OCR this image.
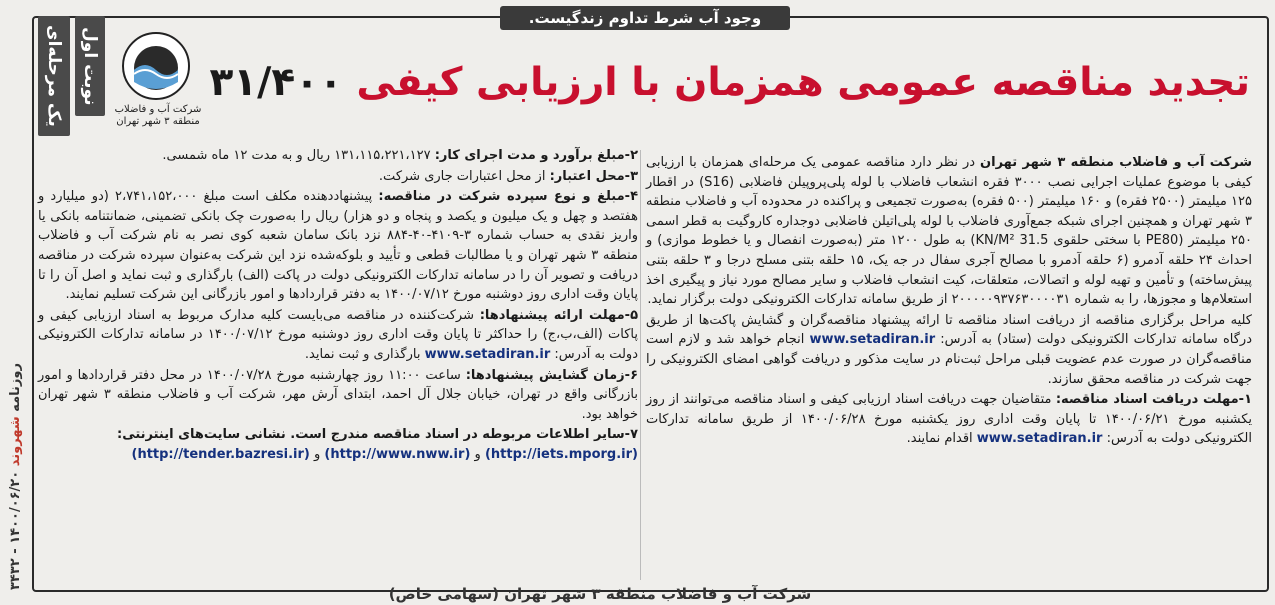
وجود آب شرط تداوم زندگیست.
نوبت اول
یک مرحله‌ای	شرکت آب و فاضلاب منطقه ۳ شهر تهران
روزنامه شهروند ۱۴۰۰/۰۶/۲۰ - ۳۴۳۲
تجدید مناقصه عمومی همزمان با ارزیابی کیفی ۳۱/۴۰۰

شرکت آب و فاضلاب منطقه ۳ شهر تهران در نظر دارد مناقصه عمومی یک مرحله‌ای همزمان با ارزیابی کیفی با موضوع عملیات اجرایی نصب ۳۰۰۰ فقره انشعاب فاضلاب با لوله پلی‌پروپیلن فاضلابی (S16) در اقطار ۱۲۵ میلیمتر (۲۵۰۰ فقره) و ۱۶۰ میلیمتر (۵۰۰ فقره) به‌صورت تجمیعی و پراکنده در محدوده آب و فاضلاب منطقه ۳ شهر تهران و همچنین اجرای شبکه جمع‌آوری فاضلاب با لوله پلی‌اتیلن فاضلابی دوجداره کاروگیت به قطر اسمی ۲۵۰ میلیمتر (PE80 با سختی حلقوی 31.5 KN/M²) به طول ۱۲۰۰ متر (به‌صورت انفصال و یا خطوط موازی) و احداث ۲۴ حلقه آدمرو (۶ حلقه آدمرو با مصالح آجری سفال در جه یک، ۱۵ حلقه بتنی مسلح درجا و ۳ حلقه بتنی پیش‌ساخته) و تأمین و تهیه لوله و اتصالات، متعلقات، کیت انشعاب فاضلاب و سایر مصالح مورد نیاز و پیگیری اخذ استعلام‌ها و مجوزها، را به شماره ۲۰۰۰۰۰۹۳۷۶۳۰۰۰۰۳۱ از طریق سامانه تدارکات الکترونیکی دولت برگزار نماید.

کلیه مراحل برگزاری مناقصه از دریافت اسناد مناقصه تا ارائه پیشنهاد مناقصه‌گران و گشایش پاکت‌ها از طریق درگاه سامانه تدارکات الکترونیکی دولت (ستاد) به آدرس: www.setadiran.ir انجام خواهد شد و لازم است مناقصه‌گران در صورت عدم عضویت قبلی مراحل ثبت‌نام در سایت مذکور و دریافت گواهی امضای الکترونیکی را جهت شرکت در مناقصه محقق سازند.

۱-مهلت دریافت اسناد مناقصه: متقاضیان جهت دریافت اسناد ارزیابی کیفی و اسناد مناقصه می‌توانند از روز یکشنبه مورخ ۱۴۰۰/۰۶/۲۱ تا پایان وقت اداری روز یکشنبه مورخ ۱۴۰۰/۰۶/۲۸ از طریق سامانه تدارکات الکترونیکی دولت به آدرس: www.setadiran.ir اقدام نمایند.

۲-مبلغ برآورد و مدت اجرای کار: ۱۳۱،۱۱۵،۲۲۱،۱۲۷ ریال و به مدت ۱۲ ماه شمسی.

۳-محل اعتبار: از محل اعتبارات جاری شرکت.

۴-مبلغ و نوع سپرده شرکت در مناقصه: پیشنهاددهنده مکلف است مبلغ ۲،۷۴۱،۱۵۲،۰۰۰ (دو میلیارد و هفتصد و چهل و یک میلیون و یکصد و پنجاه و دو هزار) ریال را به‌صورت چک بانکی تضمینی، ضمانتنامه بانکی یا واریز نقدی به حساب شماره ۳-۴۱۰۹-۴۰-۸۸۴ نزد بانک سامان شعبه کوی نصر به نام شرکت آب و فاضلاب منطقه ۳ شهر تهران و یا مطالبات قطعی و تأیید و بلوکه‌شده نزد این شرکت به‌عنوان سپرده شرکت در مناقصه دریافت و تصویر آن را در سامانه تدارکات الکترونیکی دولت در پاکت (الف) بارگذاری و ثبت نماید و اصل آن را تا پایان وقت اداری روز دوشنبه مورخ ۱۴۰۰/۰۷/۱۲ به دفتر قراردادها و امور بازرگانی این شرکت تسلیم نمایند.

۵-مهلت ارائه پیشنهادها: شرکت‌کننده در مناقصه می‌بایست کلیه مدارک مربوط به اسناد ارزیابی کیفی و پاکات (الف‌،ب‌،ج) را حداکثر تا پایان وقت اداری روز دوشنبه مورخ ۱۴۰۰/۰۷/۱۲ در سامانه تدارکات الکترونیکی دولت به آدرس: www.setadiran.ir بارگذاری و ثبت نماید.

۶-زمان گشایش پیشنهادها: ساعت ۱۱:۰۰ روز چهارشنبه مورخ ۱۴۰۰/۰۷/۲۸ در محل دفتر قراردادها و امور بازرگانی واقع در تهران، خیابان جلال آل احمد، ابتدای آرش مهر، شرکت آب و فاضلاب منطقه ۳ شهر تهران خواهد بود.

۷-سایر اطلاعات مربوطه در اسناد مناقصه مندرج است. نشانی سایت‌های اینترنتی:
(http://iets.mporg.ir) و (http://www.nww.ir) و (http://tender.bazresi.ir)

شرکت آب و فاضلاب منطقه ۳ شهر تهران (سهامی خاص)
